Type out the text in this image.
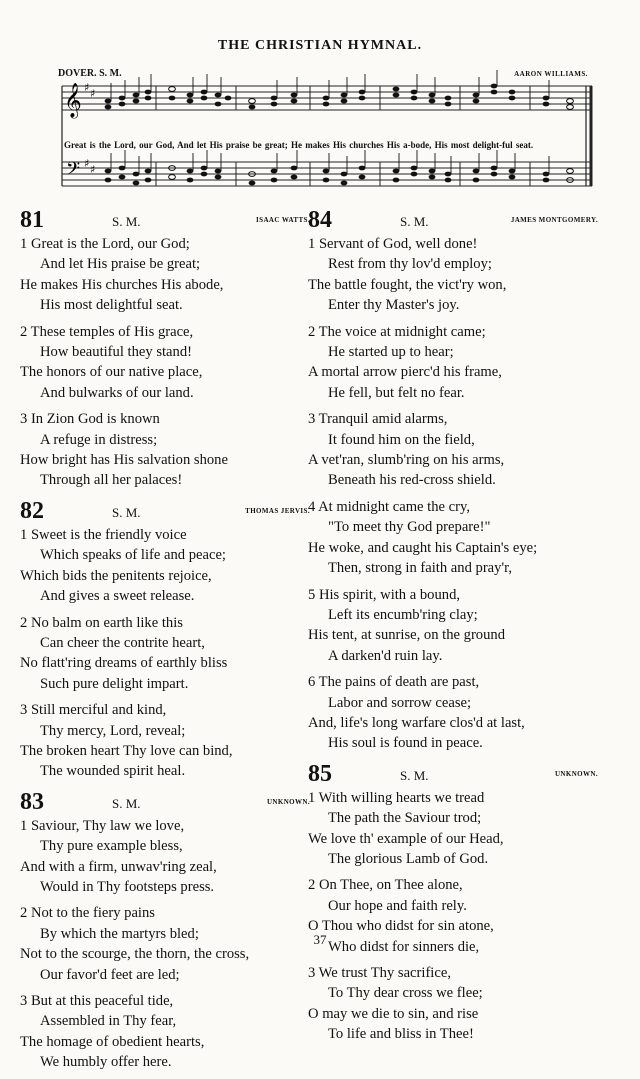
THE CHRISTIAN HYMNAL.
𝄞
𝄢
♯ ♯
♯ ♯
DOVER. S. M.	AARON WILLIAMS.
Great is the Lord, our God, And let His praise be great; He makes His churches His a-bode, His most delight-ful seat.
81	S. M.	ISAAC WATTS.
1 Great is the Lord, our God;
And let His praise be great;
He makes His churches His abode,
His most delightful seat.
2 These temples of His grace,
How beautiful they stand!
The honors of our native place,
And bulwarks of our land.
3 In Zion God is known
A refuge in distress;
How bright has His salvation shone
Through all her palaces!
82	S. M.	THOMAS JERVIS.
1 Sweet is the friendly voice
Which speaks of life and peace;
Which bids the penitents rejoice,
And gives a sweet release.
2 No balm on earth like this
Can cheer the contrite heart,
No flatt'ring dreams of earthly bliss
Such pure delight impart.
3 Still merciful and kind,
Thy mercy, Lord, reveal;
The broken heart Thy love can bind,
The wounded spirit heal.
83	S. M.	UNKNOWN.
1 Saviour, Thy law we love,
Thy pure example bless,
And with a firm, unwav'ring zeal,
Would in Thy footsteps press.
2 Not to the fiery pains
By which the martyrs bled;
Not to the scourge, the thorn, the cross,
Our favor'd feet are led;
3 But at this peaceful tide,
Assembled in Thy fear,
The homage of obedient hearts,
We humbly offer here.
84	S. M.	JAMES MONTGOMERY.
1 Servant of God, well done!
Rest from thy lov'd employ;
The battle fought, the vict'ry won,
Enter thy Master's joy.
2 The voice at midnight came;
He started up to hear;
A mortal arrow pierc'd his frame,
He fell, but felt no fear.
3 Tranquil amid alarms,
It found him on the field,
A vet'ran, slumb'ring on his arms,
Beneath his red-cross shield.
4 At midnight came the cry,
"To meet thy God prepare!"
He woke, and caught his Captain's eye;
Then, strong in faith and pray'r,
5 His spirit, with a bound,
Left its encumb'ring clay;
His tent, at sunrise, on the ground
A darken'd ruin lay.
6 The pains of death are past,
Labor and sorrow cease;
And, life's long warfare clos'd at last,
His soul is found in peace.
85	S. M.	UNKNOWN.
1 With willing hearts we tread
The path the Saviour trod;
We love th' example of our Head,
The glorious Lamb of God.
2 On Thee, on Thee alone,
Our hope and faith rely.
O Thou who didst for sin atone,
Who didst for sinners die,
3 We trust Thy sacrifice,
To Thy dear cross we flee;
O may we die to sin, and rise
To life and bliss in Thee!
37
